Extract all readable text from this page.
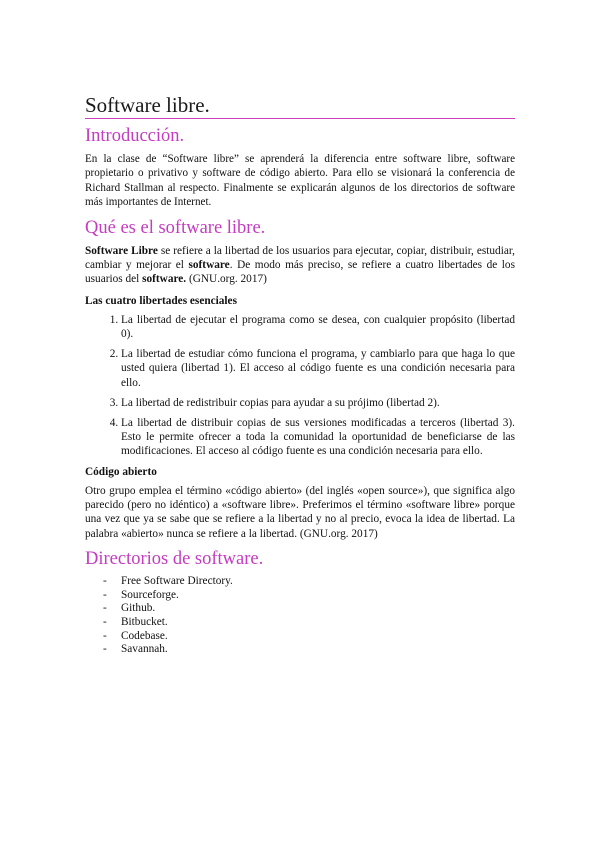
Software libre.
Introducción.

En la clase de “Software libre” se aprenderá la diferencia entre software libre, software propietario o privativo y software de código abierto. Para ello se visionará la conferencia de Richard Stallman al respecto. Finalmente se explicarán algunos de los directorios de software más importantes de Internet.

Qué es el software libre.

Software Libre se refiere a la libertad de los usuarios para ejecutar, copiar, distribuir, estudiar, cambiar y mejorar el software. De modo más preciso, se refiere a cuatro libertades de los usuarios del software. (GNU.org. 2017)

Las cuatro libertades esenciales
1. La libertad de ejecutar el programa como se desea, con cualquier propósito (libertad 0).
2. La libertad de estudiar cómo funciona el programa, y cambiarlo para que haga lo que usted quiera (libertad 1). El acceso al código fuente es una condición necesaria para ello.
3. La libertad de redistribuir copias para ayudar a su prójimo (libertad 2).
4. La libertad de distribuir copias de sus versiones modificadas a terceros (libertad 3). Esto le permite ofrecer a toda la comunidad la oportunidad de beneficiarse de las modificaciones. El acceso al código fuente es una condición necesaria para ello.
Código abierto

Otro grupo emplea el término «código abierto» (del inglés «open source»), que significa algo parecido (pero no idéntico) a «software libre». Preferimos el término «software libre» porque una vez que ya se sabe que se refiere a la libertad y no al precio, evoca la idea de libertad. La palabra «abierto» nunca se refiere a la libertad. (GNU.org. 2017)

Directorios de software.
- Free Software Directory.
- Sourceforge.
- Github.
- Bitbucket.
- Codebase.
- Savannah.
